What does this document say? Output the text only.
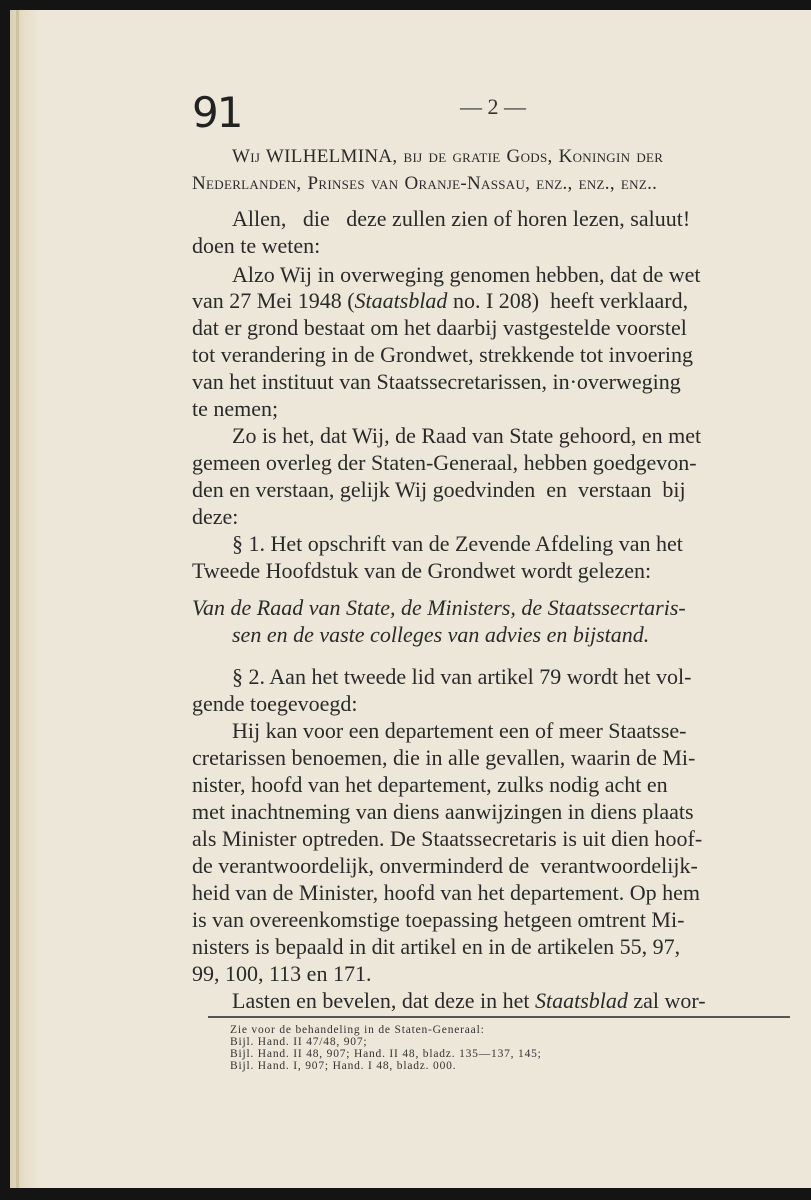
91	— 2 —
Wij WILHELMINA, bij de gratie Gods, Koningin der
Nederlanden, Prinses van Oranje-Nassau, enz., enz., enz..
Allen,   die   deze zullen zien of horen lezen, saluut!
doen te weten:
Alzo Wij in overweging genomen hebben, dat de wet
van 27 Mei 1948 (Staatsblad no. I 208)  heeft verklaard,
dat er grond bestaat om het daarbij vastgestelde voorstel
tot verandering in de Grondwet, strekkende tot invoering
van het instituut van Staatssecretarissen, in·overweging
te nemen;
Zo is het, dat Wij, de Raad van State gehoord, en met
gemeen overleg der Staten-Generaal, hebben goedgevon-
den en verstaan, gelijk Wij goedvinden  en  verstaan  bij
deze:
§ 1. Het opschrift van de Zevende Afdeling van het
Tweede Hoofdstuk van de Grondwet wordt gelezen:
Van de Raad van State, de Ministers, de Staatssecrtaris-
sen en de vaste colleges van advies en bijstand.
§ 2. Aan het tweede lid van artikel 79 wordt het vol-
gende toegevoegd:
Hij kan voor een departement een of meer Staatsse-
cretarissen benoemen, die in alle gevallen, waarin de Mi-
nister, hoofd van het departement, zulks nodig acht en
met inachtneming van diens aanwijzingen in diens plaats
als Minister optreden. De Staatssecretaris is uit dien hoof-
de verantwoordelijk, onverminderd de  verantwoordelijk-
heid van de Minister, hoofd van het departement. Op hem
is van overeenkomstige toepassing hetgeen omtrent Mi-
nisters is bepaald in dit artikel en in de artikelen 55, 97,
99, 100, 113 en 171.
Lasten en bevelen, dat deze in het Staatsblad zal wor-
Zie voor de behandeling in de Staten-Generaal:
Bijl. Hand. II 47/48, 907;
Bijl. Hand. II 48, 907; Hand. II 48, bladz. 135—137, 145;
Bijl. Hand. I, 907; Hand. I 48, bladz. 000.
